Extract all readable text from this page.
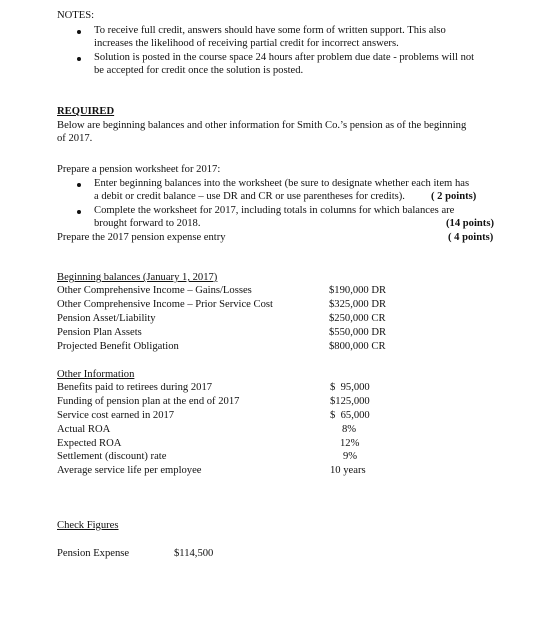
NOTES:
To receive full credit, answers should have some form of written support. This also
increases the likelihood of receiving partial credit for incorrect answers.
Solution is posted in the course space 24 hours after problem due date - problems will not
be accepted for credit once the solution is posted.
REQUIRED
Below are beginning balances and other information for Smith Co.’s pension as of the beginning
of 2017.
Prepare a pension worksheet for 2017:
Enter beginning balances into the worksheet (be sure to designate whether each item has
a debit or credit balance – use DR and CR or use parentheses for credits). ( 2 points)
Complete the worksheet for 2017, including totals in columns for which balances are
brought forward to 2018.	(14 points)
Prepare the 2017 pension expense entry	( 4 points)
Beginning balances (January 1, 2017)
Other Comprehensive Income – Gains/Losses	$190,000 DR
Other Comprehensive Income – Prior Service Cost	$325,000 DR
Pension Asset/Liability	$250,000 CR
Pension Plan Assets	$550,000 DR
Projected Benefit Obligation	$800,000 CR
Other Information
Benefits paid to retirees during 2017	$  95,000
Funding of pension plan at the end of 2017	$125,000
Service cost earned in 2017	$  65,000
Actual ROA	8%
Expected ROA	12%
Settlement (discount) rate	9%
Average service life per employee	10 years
Check Figures
Pension Expense	$114,500
